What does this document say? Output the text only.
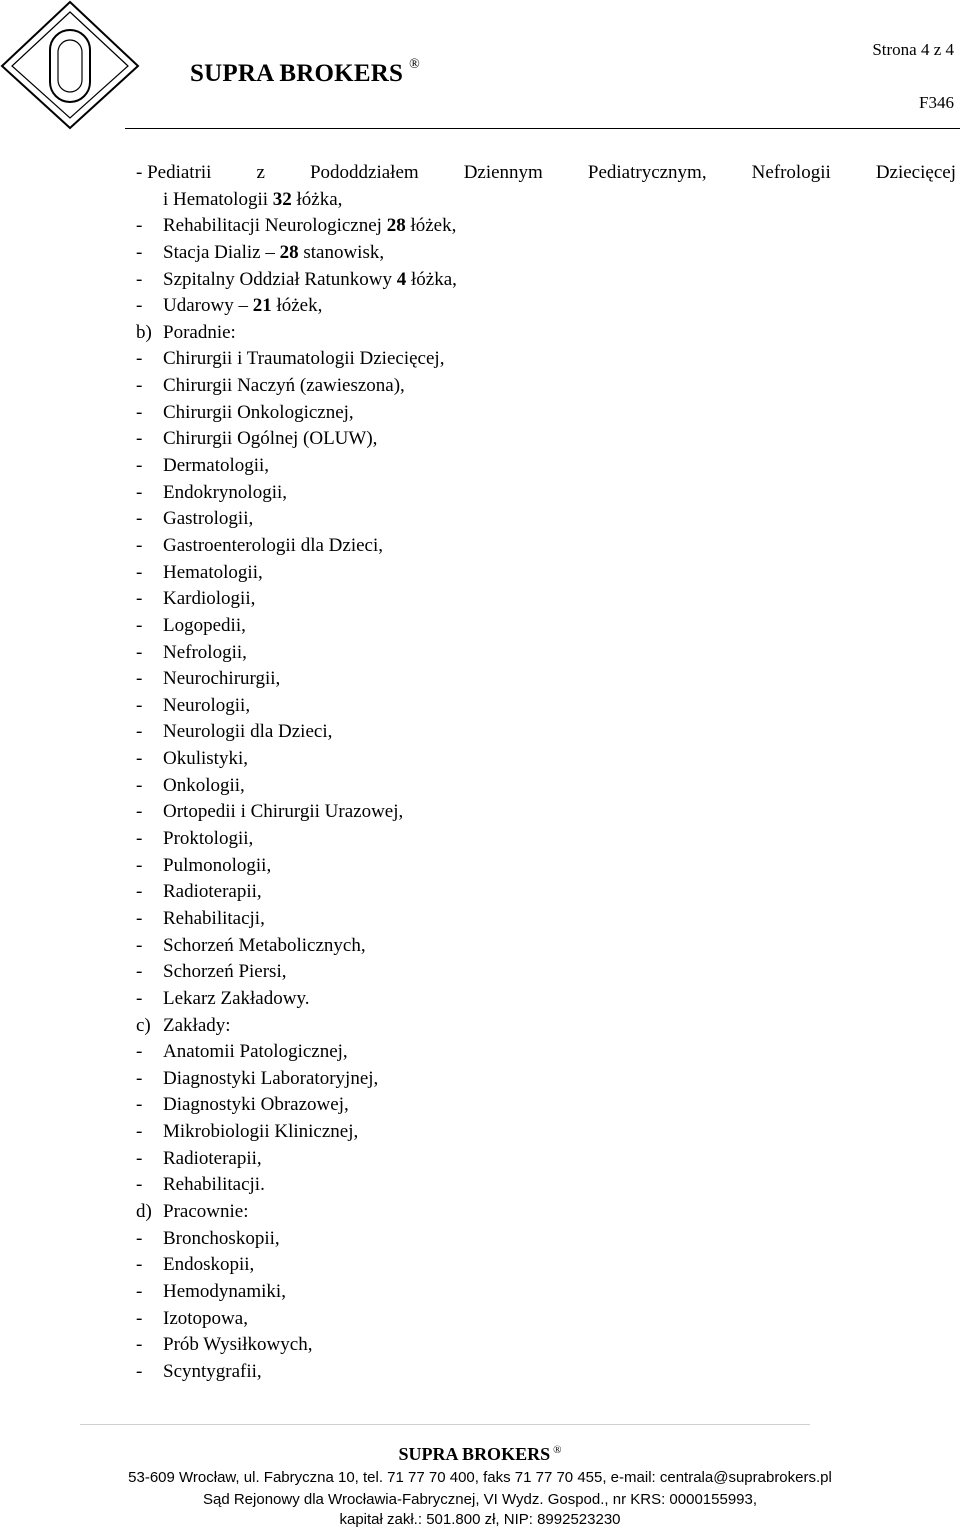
SUPRA BROKERS ®
Strona 4 z 4
F346
- Pediatrii z Pododdziałem Dziennym Pediatrycznym, Nefrologii Dziecięcej
i Hematologii 32 łóżka,
- Rehabilitacji Neurologicznej 28 łóżek,
- Stacja Dializ – 28 stanowisk,
- Szpitalny Oddział Ratunkowy 4 łóżka,
- Udarowy – 21 łóżek,
b) Poradnie:
- Chirurgii i Traumatologii Dziecięcej,
- Chirurgii Naczyń (zawieszona),
- Chirurgii Onkologicznej,
- Chirurgii Ogólnej (OLUW),
- Dermatologii,
- Endokrynologii,
- Gastrologii,
- Gastroenterologii dla Dzieci,
- Hematologii,
- Kardiologii,
- Logopedii,
- Nefrologii,
- Neurochirurgii,
- Neurologii,
- Neurologii dla Dzieci,
- Okulistyki,
- Onkologii,
- Ortopedii i Chirurgii Urazowej,
- Proktologii,
- Pulmonologii,
- Radioterapii,
- Rehabilitacji,
- Schorzeń Metabolicznych,
- Schorzeń Piersi,
- Lekarz Zakładowy.
c) Zakłady:
- Anatomii Patologicznej,
- Diagnostyki Laboratoryjnej,
- Diagnostyki Obrazowej,
- Mikrobiologii Klinicznej,
- Radioterapii,
- Rehabilitacji.
d) Pracownie:
- Bronchoskopii,
- Endoskopii,
- Hemodynamiki,
- Izotopowa,
- Prób Wysiłkowych,
- Scyntygrafii,
SUPRA BROKERS ®
53-609 Wrocław, ul. Fabryczna 10, tel. 71 77 70 400, faks 71 77 70 455, e-mail: centrala@suprabrokers.pl
Sąd Rejonowy dla Wrocławia-Fabrycznej, VI Wydz. Gospod., nr KRS: 0000155993,
kapitał zakł.: 501.800 zł, NIP: 8992523230
